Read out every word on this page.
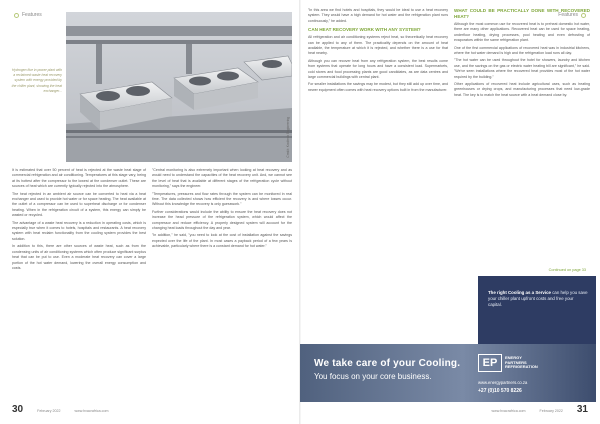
Features
Credit: Kooltech Engineering
Hydrogen flue in power plant with a reclaimed waste heat recovery system with energy provided by the chiller plant, showing the heat exchanger...

It is estimated that over 50 percent of heat is rejected at the waste heat stage of commercial refrigeration and air conditioning. Temperatures at this stage vary, being at its hottest after the compressor to the lowest at the condenser outlet. These are sources of heat which are currently typically rejected into the atmosphere.

The heat rejected in an ambient air source can be converted to heat via a heat exchanger and used to provide hot water or for space heating. The heat available at the outlet of a compressor can be used to superheat discharge or for condenser heating. When in the refrigeration circuit of a system, this energy can simply be wasted or recycled.

The advantage of a waste heat recovery is a reduction in operating costs, which is especially true when it comes to hotels, hospitals and restaurants. A heat recovery system with heat reclaim functionality from the cooling system provides the best solution.

In addition to this, there are other sources of waste heat, such as from the condensing units of air conditioning systems which often produce significant surplus heat that can be put to use. Even a moderate heat recovery can cover a large portion of the hot water demand, lowering the overall energy consumption and costs.

"Central monitoring is also extremely important when looking at heat recovery and as would need to understand the capacities of the heat recovery unit. And, we cannot see the level of heat that is available at different stages of the refrigeration cycle without monitoring," says the engineer.

"Temperatures, pressures and flow rates through the system can be monitored in real time. The data collected shows how efficient the recovery is and where losses occur. Without this knowledge the recovery is only guesswork."

Further considerations would include the ability to ensure the heat recovery does not increase the head pressure of the refrigeration system, which would affect the compressor and reduce efficiency. A properly designed system will account for the changing heat loads throughout the day and year.

"In addition," he said, "you need to look at the cost of installation against the savings expected over the life of the plant. In most cases a payback period of a few years is achievable, particularly where there is a constant demand for hot water."

30	February 2022	www.hvacrafrica.com
Features

"In this area we find hotels and hospitals, they would be ideal to use a heat recovery system. They would have a high demand for hot water and the refrigeration plant runs continuously," he added.

CAN HEAT RECOVERY WORK WITH ANY SYSTEM?

All refrigeration and air conditioning systems reject heat, so theoretically heat recovery can be applied to any of them. The practicality depends on the amount of heat available, the temperature at which it is rejected, and whether there is a use for that heat nearby.

Although you can recover heat from any refrigeration system, the best results come from systems that operate for long hours and have a consistent load. Supermarkets, cold stores and food processing plants are good candidates, as are data centres and large commercial buildings with central plant.

For smaller installations the savings may be modest, but they still add up over time, and newer equipment often comes with heat recovery options built in from the manufacturer.

WHAT COULD BE PRACTICALLY DONE WITH RECOVERED HEAT?

Although the most common use for recovered heat is to preheat domestic hot water, there are many other applications. Recovered heat can be used for space heating, underfloor heating, drying processes, pool heating and even defrosting of evaporators within the same refrigeration plant.

One of the first commercial applications of recovered heat was in industrial kitchens, where the hot water demand is high and the refrigeration load runs all day.

"The hot water can be used throughout the hotel for showers, laundry and kitchen use, and the savings on the gas or electric water heating bill are significant," he said. "We've seen installations where the recovered heat provides most of the hot water required by the building."

Other applications of recovered heat include agricultural uses, such as heating greenhouses or drying crops, and manufacturing processes that need low-grade heat. The key is to match the heat source with a heat demand close by.

Continued on page 33
The right Cooling as a Service can help you save your chiller plant upfront costs and free your capital.
We take care of your Cooling.
You focus on your core business.
EP	ENERGY
PARTNERS
REFRIGERATION
www.energypartners.co.za
+27 (0)10 570 8226
www.hvacrafrica.com	February 2022 31
